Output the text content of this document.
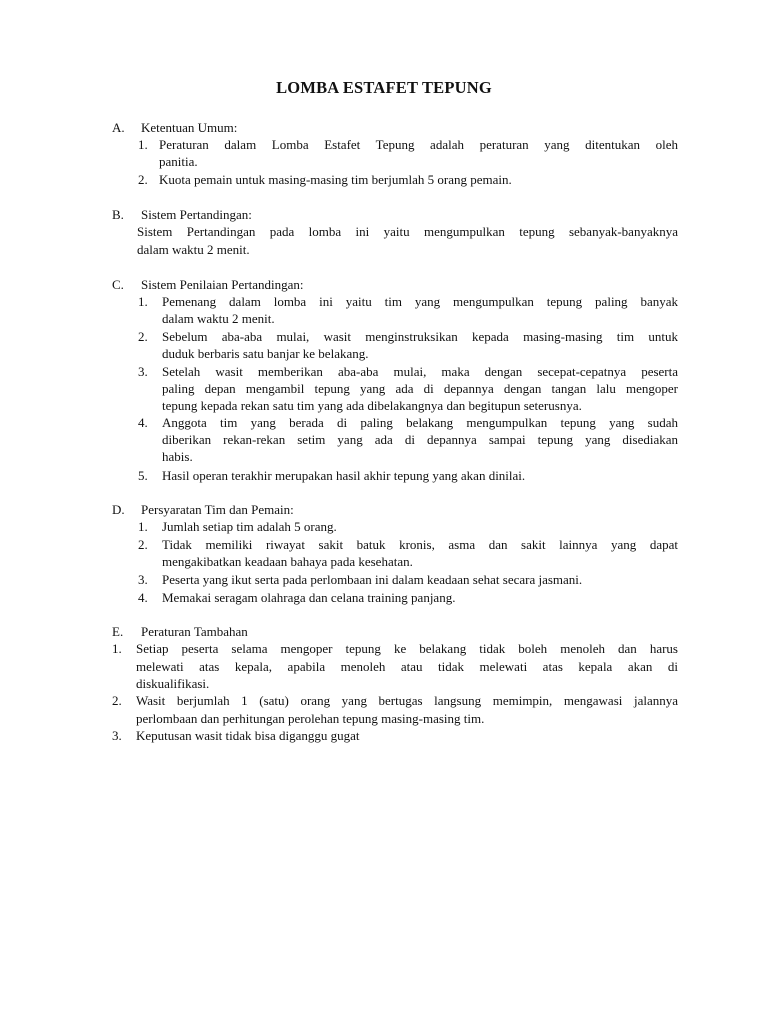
LOMBA ESTAFET TEPUNG
A. Ketentuan Umum:
1. Peraturan dalam Lomba Estafet Tepung adalah peraturan yang ditentukan oleh
panitia.
2. Kuota pemain untuk masing-masing tim berjumlah 5 orang pemain.
B. Sistem Pertandingan:
Sistem Pertandingan pada lomba ini yaitu mengumpulkan tepung sebanyak-banyaknya
dalam waktu 2 menit.
C. Sistem Penilaian Pertandingan:
1. Pemenang dalam lomba ini yaitu tim yang mengumpulkan tepung paling banyak
dalam waktu 2 menit.
2. Sebelum aba-aba mulai, wasit menginstruksikan kepada masing-masing tim untuk
duduk berbaris satu banjar ke belakang.
3. Setelah wasit memberikan aba-aba mulai, maka dengan secepat-cepatnya peserta
paling depan mengambil tepung yang ada di depannya dengan tangan lalu mengoper
tepung kepada rekan satu tim yang ada dibelakangnya dan begitupun seterusnya.
4. Anggota tim yang berada di paling belakang mengumpulkan tepung yang sudah
diberikan rekan-rekan setim yang ada di depannya sampai tepung yang disediakan
habis.
5. Hasil operan terakhir merupakan hasil akhir tepung yang akan dinilai.
D. Persyaratan Tim dan Pemain:
1. Jumlah setiap tim adalah 5 orang.
2. Tidak memiliki riwayat sakit batuk kronis, asma dan sakit lainnya yang dapat
mengakibatkan keadaan bahaya pada kesehatan.
3. Peserta yang ikut serta pada perlombaan ini dalam keadaan sehat secara jasmani.
4. Memakai seragam olahraga dan celana training panjang.
E. Peraturan Tambahan
1. Setiap peserta selama mengoper tepung ke belakang tidak boleh menoleh dan harus
melewati atas kepala, apabila menoleh atau tidak melewati atas kepala akan di
diskualifikasi.
2. Wasit berjumlah 1 (satu) orang yang bertugas langsung memimpin, mengawasi jalannya
perlombaan dan perhitungan perolehan tepung masing-masing tim.
3. Keputusan wasit tidak bisa diganggu gugat
